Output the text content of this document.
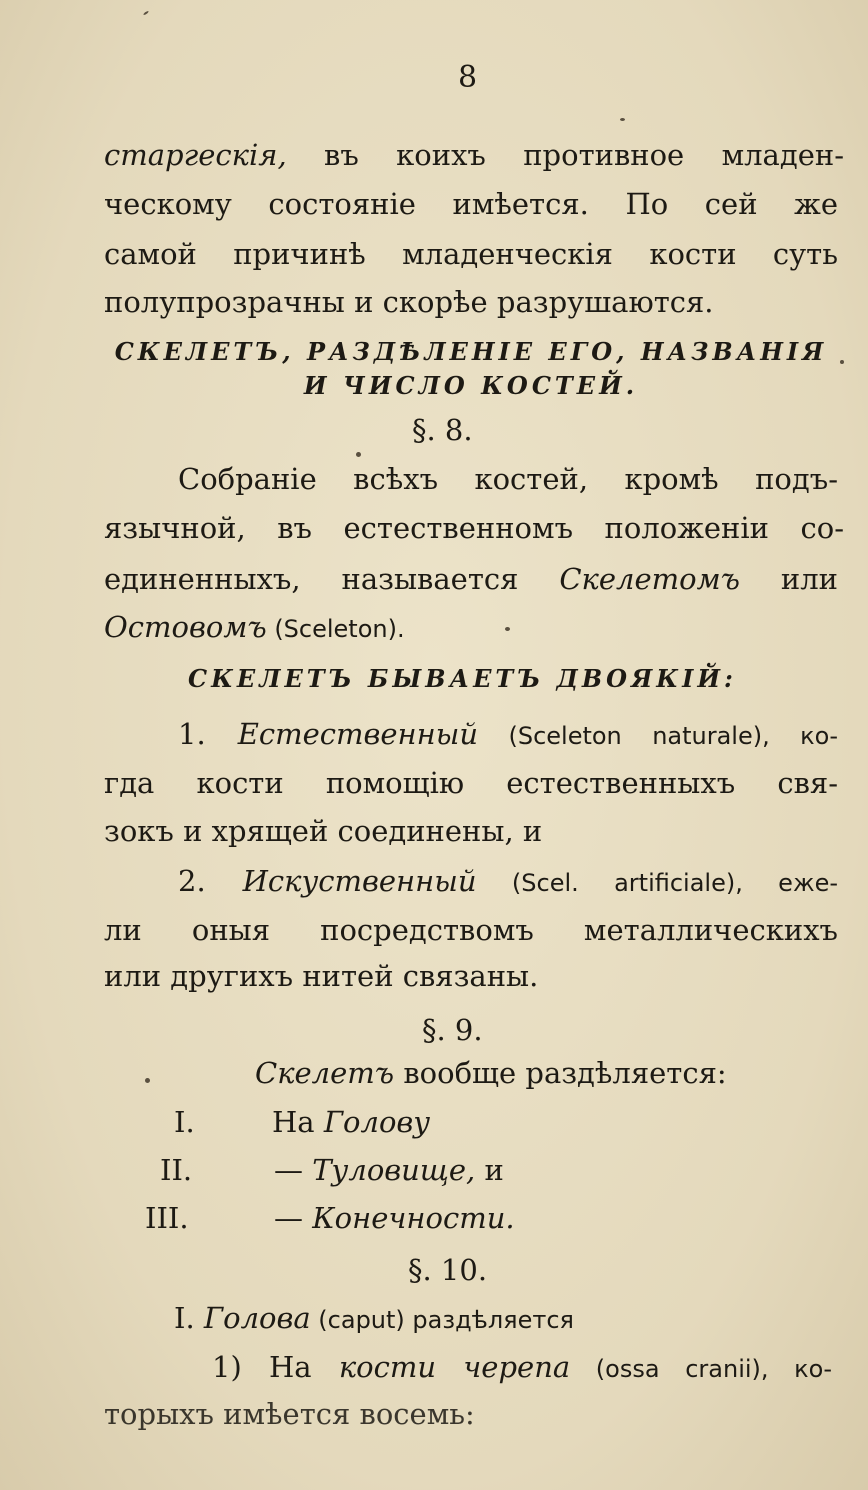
8
старгескія, въ коихъ противное младен-
ческому состояніе имѣется. По сей же
самой причинѣ младенческія кости суть
полупрозрачны и скорѣе разрушаются.
СКЕЛЕТЪ, РАЗДѢЛЕНІЕ ЕГО, НАЗВАНІЯ
И ЧИСЛО КОСТЕЙ.
§. 8.
Собраніе всѣхъ костей, кромѣ подъ-
язычной, въ естественномъ положеніи со-
единенныхъ, называется Скелетомъ или
Остовомъ (Sceleton).
СКЕЛЕТЪ БЫВАЕТЪ ДВОЯКІЙ:
1. Естественный (Sceleton naturale), ко-
гда кости помощію естественныхъ свя-
зокъ и хрящей соединены, и
2. Искуственный (Scel. artificiale), еже-
ли оныя посредствомъ металлическихъ
или другихъ нитей связаны.
§. 9.
Скелетъ вообще раздѣляется:
I.	На Голову
II.	— Туловище, и
III.	— Конечности.
§. 10.
I. Голова (caput) раздѣляется
1) На кости черепа (ossa cranii), ко-
торыхъ имѣется восемь:
